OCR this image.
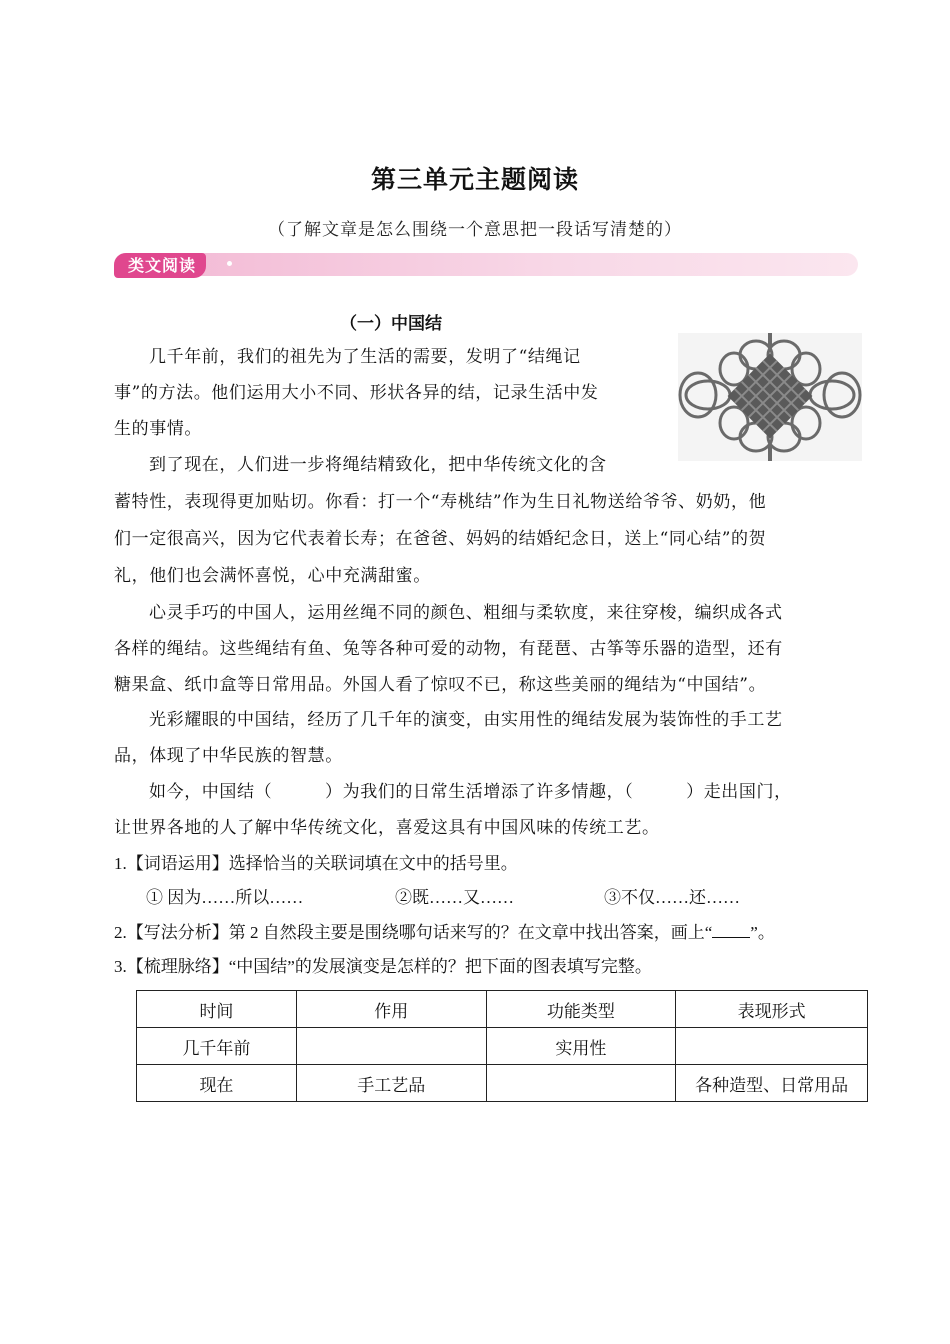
第三单元主题阅读
（了解文章是怎么围绕一个意思把一段话写清楚的）
类文阅读
（一）中国结
几千年前，我们的祖先为了生活的需要，发明了“结绳记
事”的方法。他们运用大小不同、形状各异的结，记录生活中发
生的事情。
到了现在，人们进一步将绳结精致化，把中华传统文化的含
蓄特性，表现得更加贴切。你看：打一个“寿桃结”作为生日礼物送给爷爷、奶奶，他
们一定很高兴，因为它代表着长寿；在爸爸、妈妈的结婚纪念日，送上“同心结”的贺
礼，他们也会满怀喜悦，心中充满甜蜜。
心灵手巧的中国人，运用丝绳不同的颜色、粗细与柔软度，来往穿梭，编织成各式
各样的绳结。这些绳结有鱼、兔等各种可爱的动物，有琵琶、古筝等乐器的造型，还有
糖果盒、纸巾盒等日常用品。外国人看了惊叹不已，称这些美丽的绳结为“中国结”。
光彩耀眼的中国结，经历了几千年的演变，由实用性的绳结发展为装饰性的手工艺
品，体现了中华民族的智慧。
如今，中国结（　　　）为我们的日常生活增添了许多情趣，（　　　）走出国门，
让世界各地的人了解中华传统文化，喜爱这具有中国风味的传统工艺。
1.【词语运用】选择恰当的关联词填在文中的括号里。
① 因为……所以……	②既……又……	③不仅……还……
2.【写法分析】第 2 自然段主要是围绕哪句话来写的？在文章中找出答案，画上“ ”。
3.【梳理脉络】“中国结”的发展演变是怎样的？把下面的图表填写完整。
时间	作用	功能类型	表现形式
几千年前		实用性	
现在	手工艺品		各种造型、日常用品
